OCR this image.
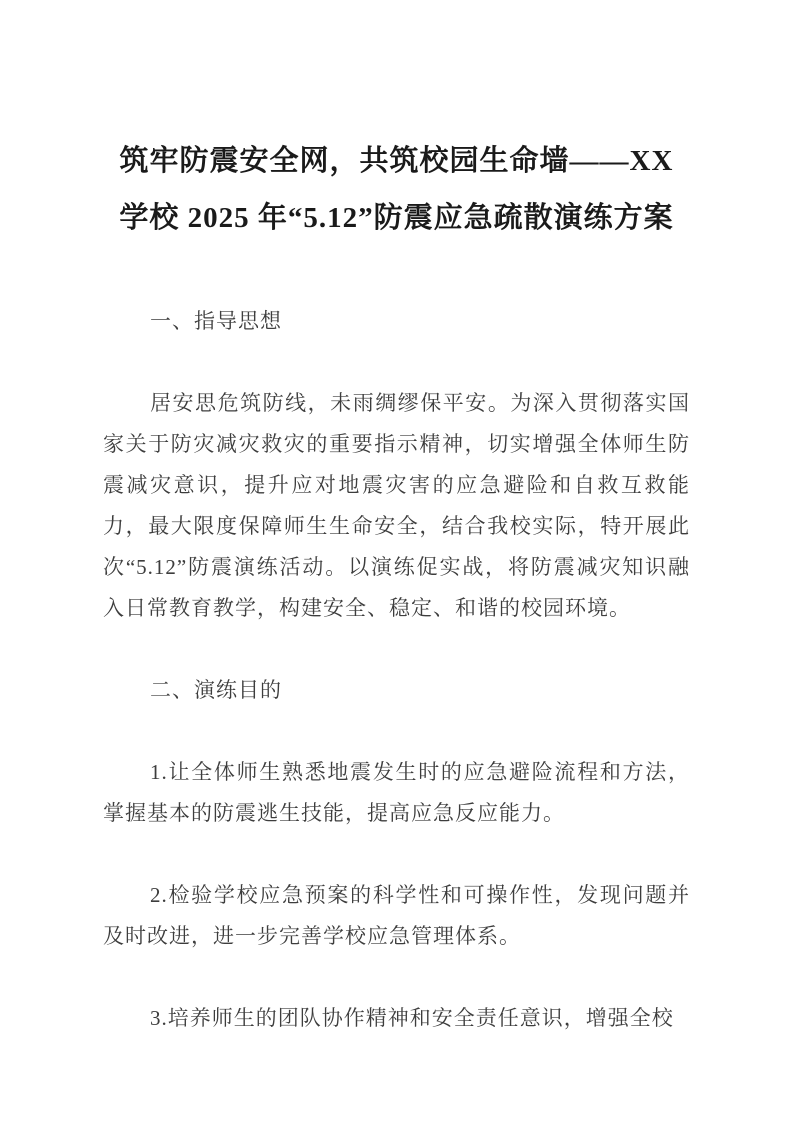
筑牢防震安全网，共筑校园生命墙——XX
学校 2025 年“5.12”防震应急疏散演练方案
一、指导思想

居安思危筑防线，未雨绸缪保平安。为深入贯彻落实国家关于防灾减灾救灾的重要指示精神，切实增强全体师生防震减灾意识，提升应对地震灾害的应急避险和自救互救能力，最大限度保障师生生命安全，结合我校实际，特开展此次“5.12”防震演练活动。以演练促实战，将防震减灾知识融入日常教育教学，构建安全、稳定、和谐的校园环境。

二、演练目的

1.让全体师生熟悉地震发生时的应急避险流程和方法，掌握基本的防震逃生技能，提高应急反应能力。

2.检验学校应急预案的科学性和可操作性，发现问题并及时改进，进一步完善学校应急管理体系。

3.培养师生的团队协作精神和安全责任意识，增强全校
